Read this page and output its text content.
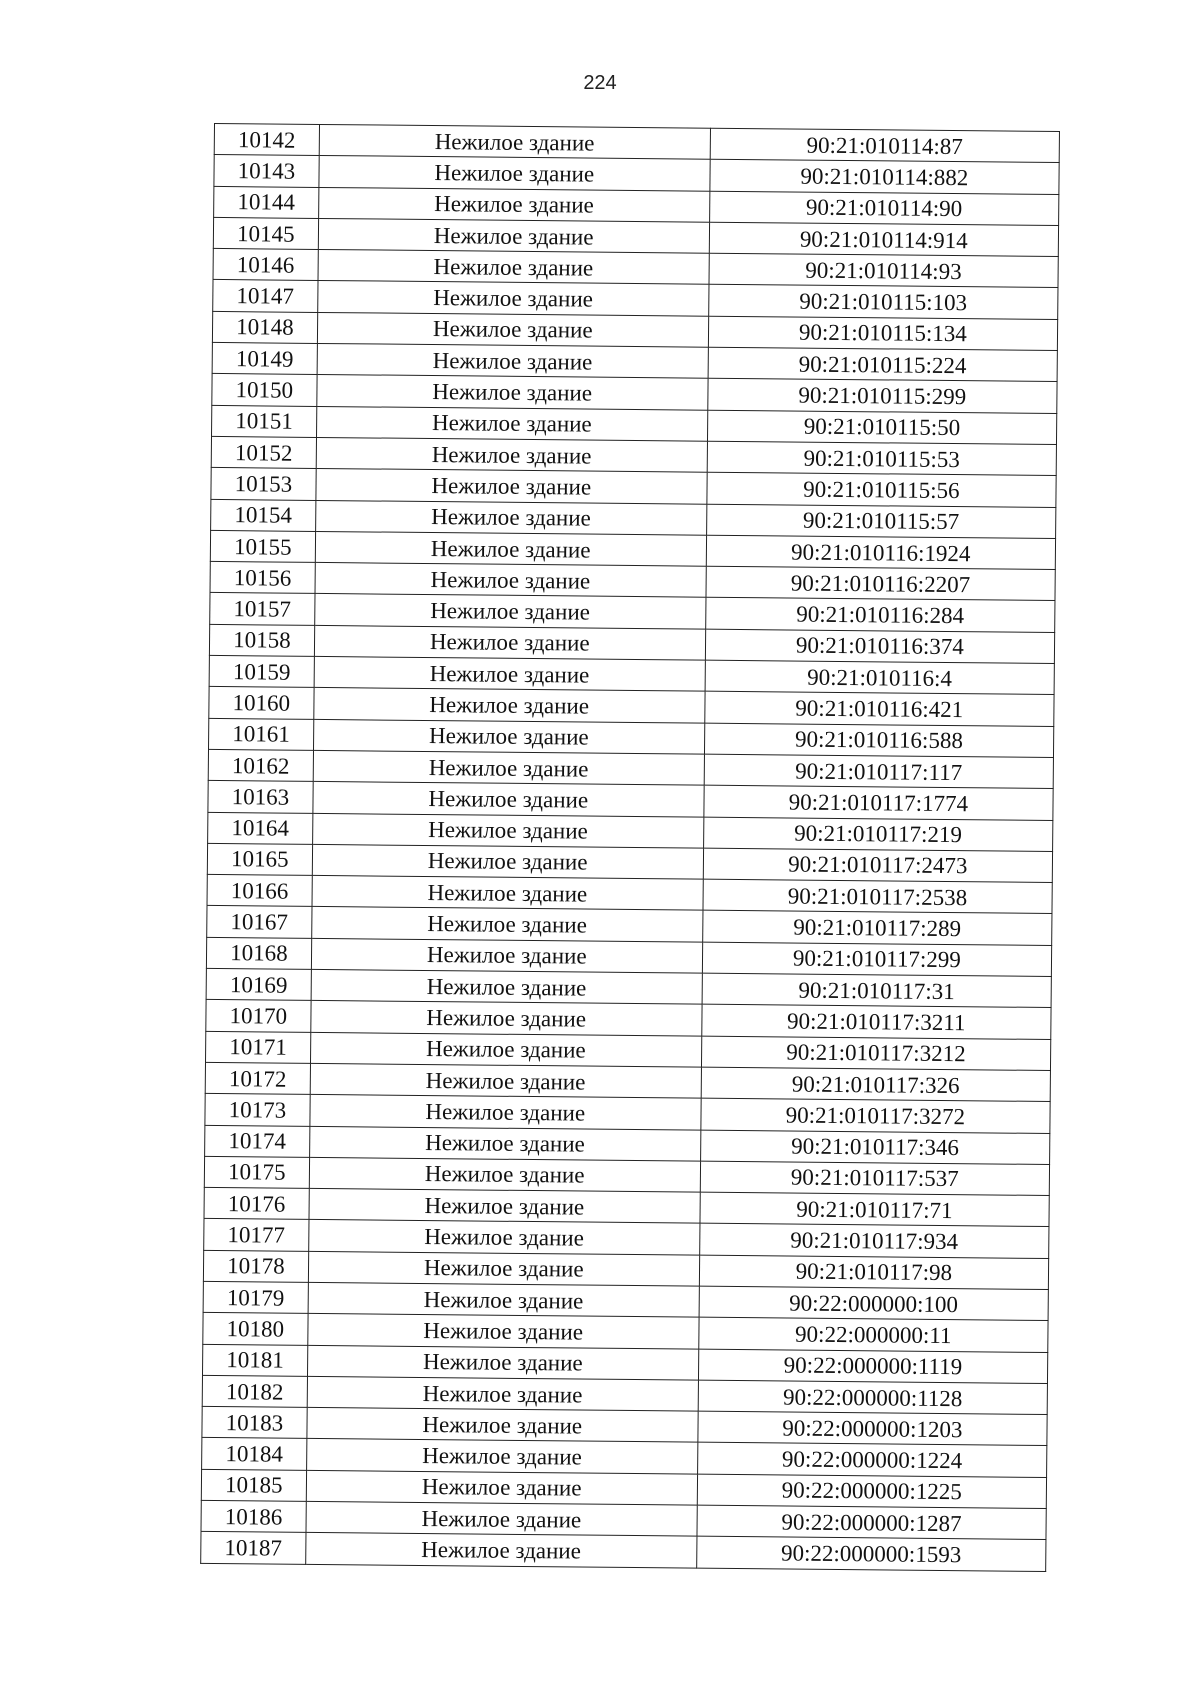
224
10142	Нежилое здание	90:21:010114:87
10143	Нежилое здание	90:21:010114:882
10144	Нежилое здание	90:21:010114:90
10145	Нежилое здание	90:21:010114:914
10146	Нежилое здание	90:21:010114:93
10147	Нежилое здание	90:21:010115:103
10148	Нежилое здание	90:21:010115:134
10149	Нежилое здание	90:21:010115:224
10150	Нежилое здание	90:21:010115:299
10151	Нежилое здание	90:21:010115:50
10152	Нежилое здание	90:21:010115:53
10153	Нежилое здание	90:21:010115:56
10154	Нежилое здание	90:21:010115:57
10155	Нежилое здание	90:21:010116:1924
10156	Нежилое здание	90:21:010116:2207
10157	Нежилое здание	90:21:010116:284
10158	Нежилое здание	90:21:010116:374
10159	Нежилое здание	90:21:010116:4
10160	Нежилое здание	90:21:010116:421
10161	Нежилое здание	90:21:010116:588
10162	Нежилое здание	90:21:010117:117
10163	Нежилое здание	90:21:010117:1774
10164	Нежилое здание	90:21:010117:219
10165	Нежилое здание	90:21:010117:2473
10166	Нежилое здание	90:21:010117:2538
10167	Нежилое здание	90:21:010117:289
10168	Нежилое здание	90:21:010117:299
10169	Нежилое здание	90:21:010117:31
10170	Нежилое здание	90:21:010117:3211
10171	Нежилое здание	90:21:010117:3212
10172	Нежилое здание	90:21:010117:326
10173	Нежилое здание	90:21:010117:3272
10174	Нежилое здание	90:21:010117:346
10175	Нежилое здание	90:21:010117:537
10176	Нежилое здание	90:21:010117:71
10177	Нежилое здание	90:21:010117:934
10178	Нежилое здание	90:21:010117:98
10179	Нежилое здание	90:22:000000:100
10180	Нежилое здание	90:22:000000:11
10181	Нежилое здание	90:22:000000:1119
10182	Нежилое здание	90:22:000000:1128
10183	Нежилое здание	90:22:000000:1203
10184	Нежилое здание	90:22:000000:1224
10185	Нежилое здание	90:22:000000:1225
10186	Нежилое здание	90:22:000000:1287
10187	Нежилое здание	90:22:000000:1593
